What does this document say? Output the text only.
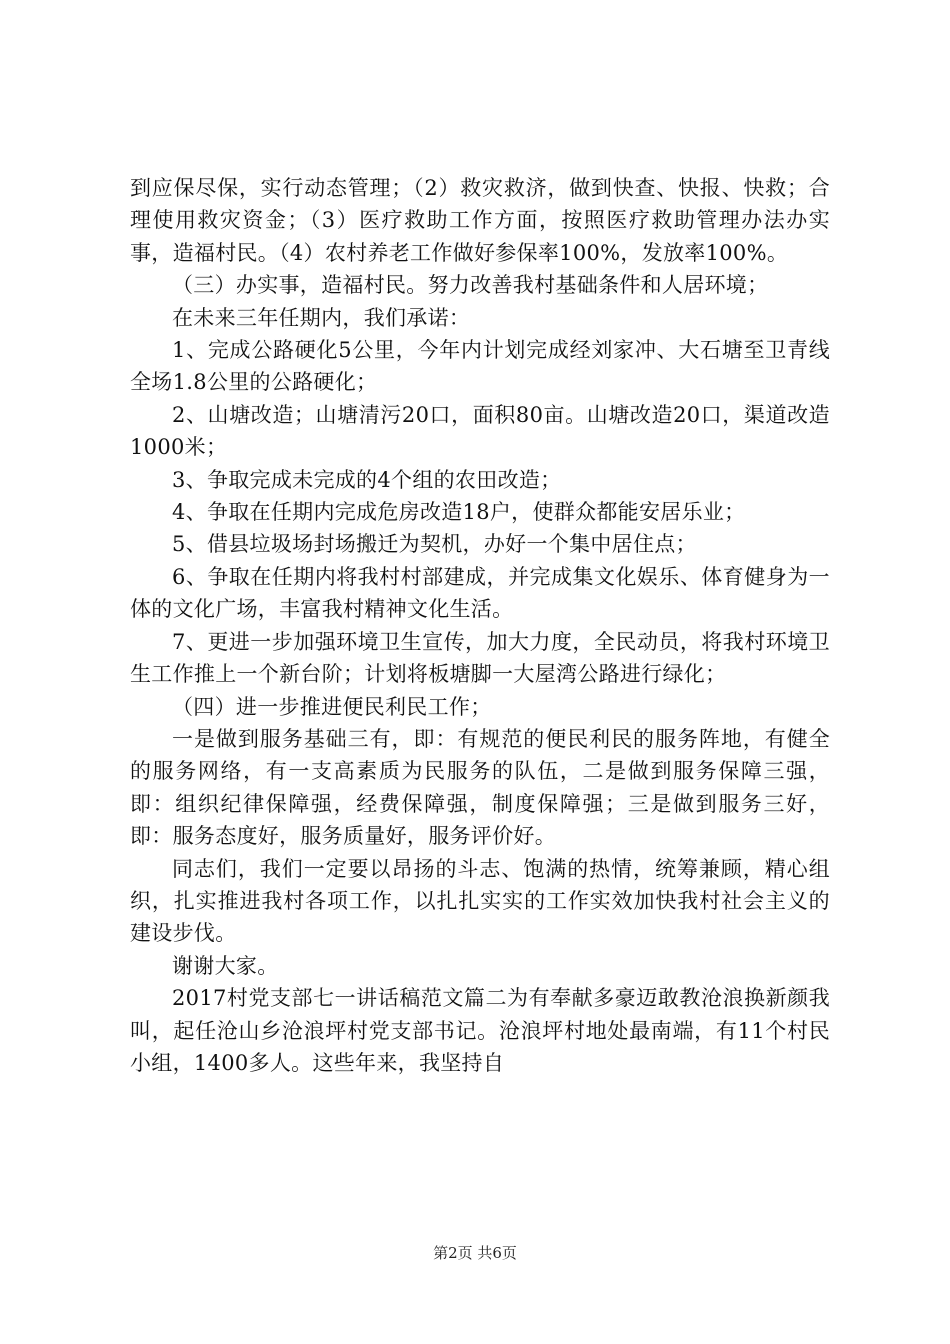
到应保尽保，实行动态管理；（2）救灾救济，做到快查、快报、快救；合理使用救灾资金；（3）医疗救助工作方面，按照医疗救助管理办法办实事，造福村民。（4）农村养老工作做好参保率100%，发放率100%。

（三）办实事，造福村民。努力改善我村基础条件和人居环境；

在未来三年任期内，我们承诺：

1、完成公路硬化5公里，今年内计划完成经刘家冲、大石塘至卫青线全场1.8公里的公路硬化；

2、山塘改造；山塘清污20口，面积80亩。山塘改造20口，渠道改造1000米；

3、争取完成未完成的4个组的农田改造；

4、争取在任期内完成危房改造18户，使群众都能安居乐业；

5、借县垃圾场封场搬迁为契机，办好一个集中居住点；

6、争取在任期内将我村村部建成，并完成集文化娱乐、体育健身为一体的文化广场，丰富我村精神文化生活。

7、更进一步加强环境卫生宣传，加大力度，全民动员，将我村环境卫生工作推上一个新台阶；计划将板塘脚一大屋湾公路进行绿化；

（四）进一步推进便民利民工作；

一是做到服务基础三有，即：有规范的便民利民的服务阵地，有健全的服务网络，有一支高素质为民服务的队伍，二是做到服务保障三强，即：组织纪律保障强，经费保障强，制度保障强；三是做到服务三好，即：服务态度好，服务质量好，服务评价好。

同志们，我们一定要以昂扬的斗志、饱满的热情，统筹兼顾，精心组织，扎实推进我村各项工作，以扎扎实实的工作实效加快我村社会主义的建设步伐。

谢谢大家。

2017村党支部七一讲话稿范文篇二为有奉献多豪迈敢教沧浪换新颜我叫，起任沧山乡沧浪坪村党支部书记。沧浪坪村地处最南端，有11个村民小组，1400多人。这些年来，我坚持自

第2页 共6页
